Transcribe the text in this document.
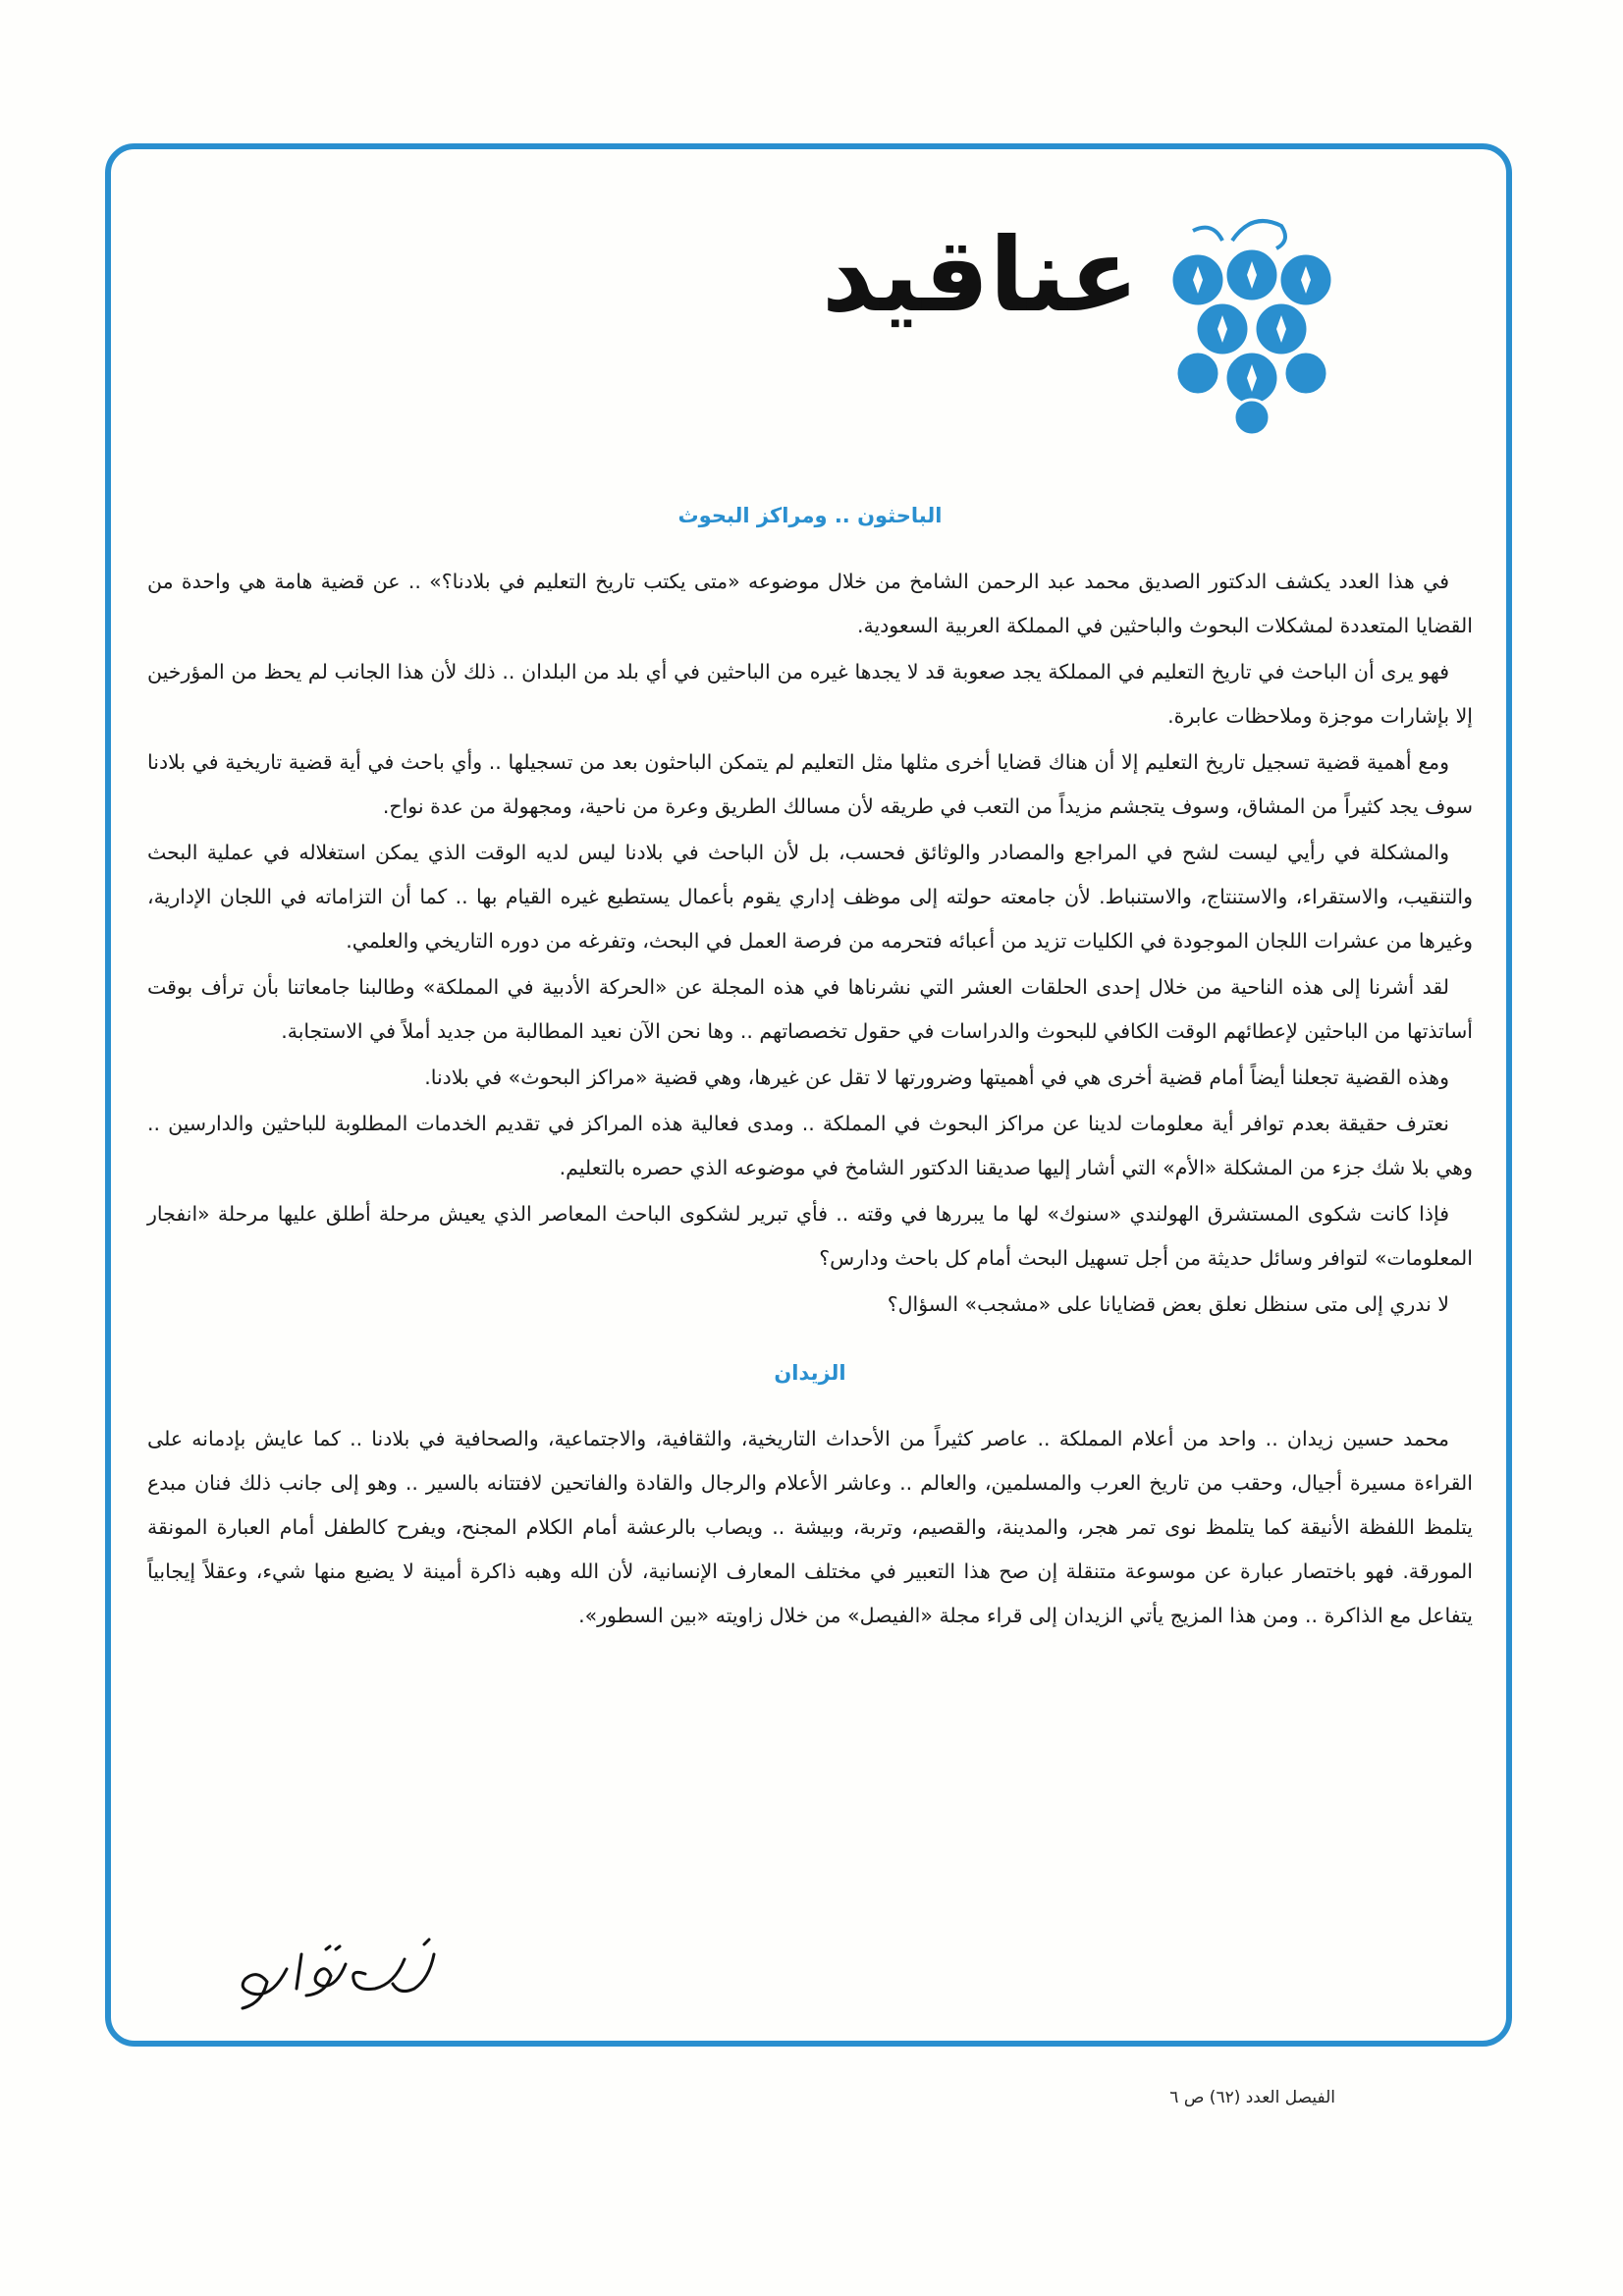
عناقيد
الباحثون .. ومراكز البحوث

في هذا العدد يكشف الدكتور الصديق محمد عبد الرحمن الشامخ من خلال موضوعه «متى يكتب تاريخ التعليم في بلادنا؟» .. عن قضية هامة هي واحدة من القضايا المتعددة لمشكلات البحوث والباحثين في المملكة العربية السعودية.

فهو يرى أن الباحث في تاريخ التعليم في المملكة يجد صعوبة قد لا يجدها غيره من الباحثين في أي بلد من البلدان .. ذلك لأن هذا الجانب لم يحظ من المؤرخين إلا بإشارات موجزة وملاحظات عابرة.

ومع أهمية قضية تسجيل تاريخ التعليم إلا أن هناك قضايا أخرى مثلها مثل التعليم لم يتمكن الباحثون بعد من تسجيلها .. وأي باحث في أية قضية تاريخية في بلادنا سوف يجد كثيراً من المشاق، وسوف يتجشم مزيداً من التعب في طريقه لأن مسالك الطريق وعرة من ناحية، ومجهولة من عدة نواح.

والمشكلة في رأيي ليست لشح في المراجع والمصادر والوثائق فحسب، بل لأن الباحث في بلادنا ليس لديه الوقت الذي يمكن استغلاله في عملية البحث والتنقيب، والاستقراء، والاستنتاج، والاستنباط. لأن جامعته حولته إلى موظف إداري يقوم بأعمال يستطيع غيره القيام بها .. كما أن التزاماته في اللجان الإدارية، وغيرها من عشرات اللجان الموجودة في الكليات تزيد من أعبائه فتحرمه من فرصة العمل في البحث، وتفرغه من دوره التاريخي والعلمي.

لقد أشرنا إلى هذه الناحية من خلال إحدى الحلقات العشر التي نشرناها في هذه المجلة عن «الحركة الأدبية في المملكة» وطالبنا جامعاتنا بأن ترأف بوقت أساتذتها من الباحثين لإعطائهم الوقت الكافي للبحوث والدراسات في حقول تخصصاتهم .. وها نحن الآن نعيد المطالبة من جديد أملاً في الاستجابة.

وهذه القضية تجعلنا أيضاً أمام قضية أخرى هي في أهميتها وضرورتها لا تقل عن غيرها، وهي قضية «مراكز البحوث» في بلادنا.

نعترف حقيقة بعدم توافر أية معلومات لدينا عن مراكز البحوث في المملكة .. ومدى فعالية هذه المراكز في تقديم الخدمات المطلوبة للباحثين والدارسين .. وهي بلا شك جزء من المشكلة «الأم» التي أشار إليها صديقنا الدكتور الشامخ في موضوعه الذي حصره بالتعليم.

فإذا كانت شكوى المستشرق الهولندي «سنوك» لها ما يبررها في وقته .. فأي تبرير لشكوى الباحث المعاصر الذي يعيش مرحلة أطلق عليها مرحلة «انفجار المعلومات» لتوافر وسائل حديثة من أجل تسهيل البحث أمام كل باحث ودارس؟

لا ندري إلى متى سنظل نعلق بعض قضايانا على «مشجب» السؤال؟

الزيدان

محمد حسين زيدان .. واحد من أعلام المملكة .. عاصر كثيراً من الأحداث التاريخية، والثقافية، والاجتماعية، والصحافية في بلادنا .. كما عايش بإدمانه على القراءة مسيرة أجيال، وحقب من تاريخ العرب والمسلمين، والعالم .. وعاشر الأعلام والرجال والقادة والفاتحين لافتتانه بالسير .. وهو إلى جانب ذلك فنان مبدع يتلمظ اللفظة الأنيقة كما يتلمظ نوى تمر هجر، والمدينة، والقصيم، وتربة، وبيشة .. ويصاب بالرعشة أمام الكلام المجنح، ويفرح كالطفل أمام العبارة المونقة المورقة. فهو باختصار عبارة عن موسوعة متنقلة إن صح هذا التعبير في مختلف المعارف الإنسانية، لأن الله وهبه ذاكرة أمينة لا يضيع منها شيء، وعقلاً إيجابياً يتفاعل مع الذاكرة .. ومن هذا المزيج يأتي الزيدان إلى قراء مجلة «الفيصل» من خلال زاويته «بين السطور».

الفيصل العدد (٦٢) ص ٦
